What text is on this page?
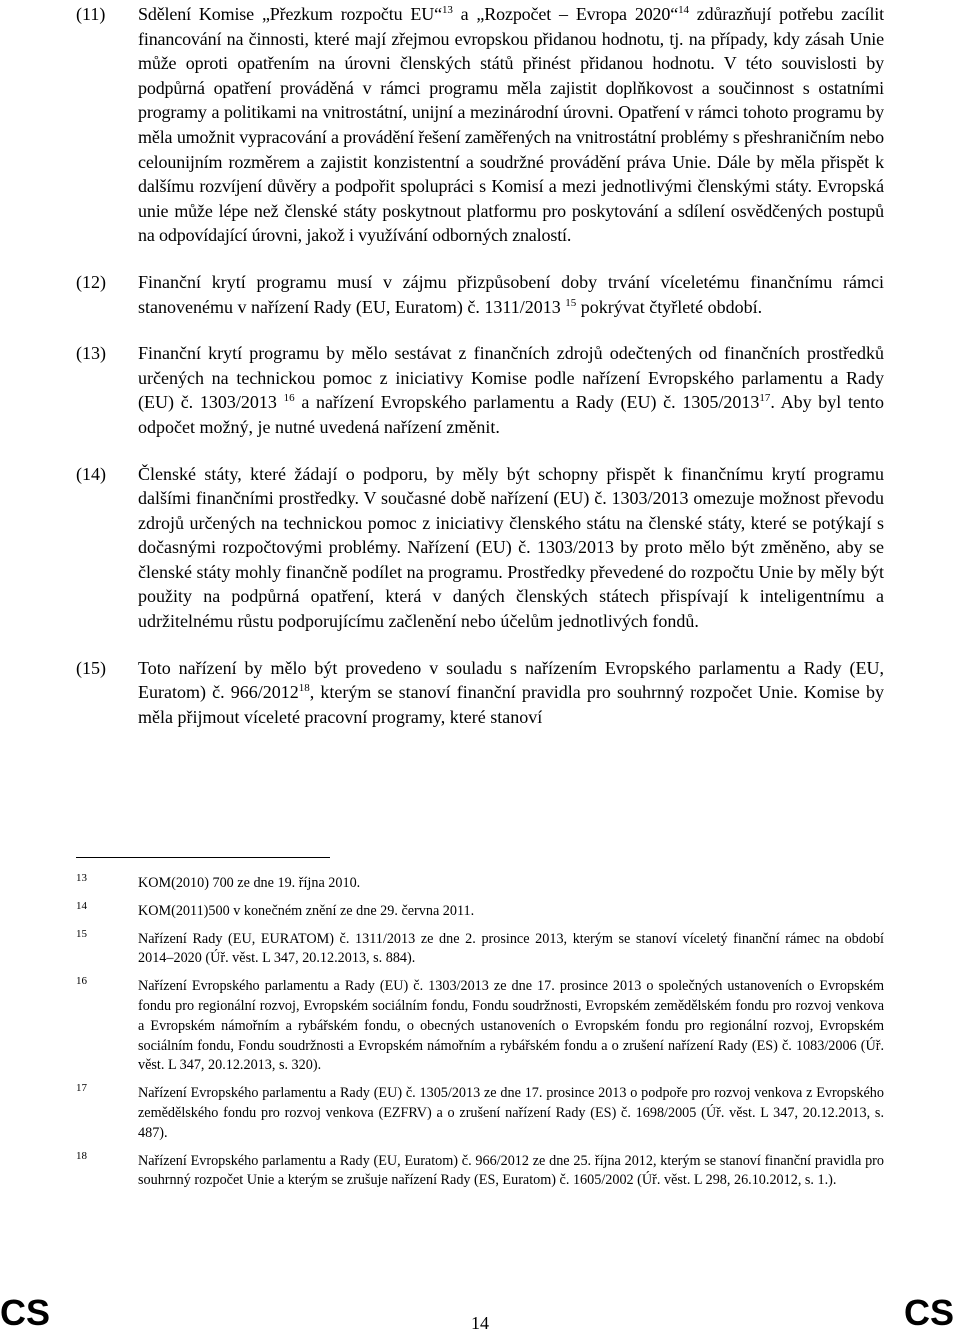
(11)	Sdělení Komise „Přezkum rozpočtu EU“$^{13}$ a „Rozpočet – Evropa 2020“$^{14}$ zdůrazňují potřebu zacílit financování na činnosti, které mají zřejmou evropskou přidanou hodnotu, tj. na případy, kdy zásah Unie může oproti opatřením na úrovni členských států přinést přidanou hodnotu. V této souvislosti by podpůrná opatření prováděná v rámci programu měla zajistit doplňkovost a součinnost s ostatními programy a politikami na vnitrostátní, unijní a mezinárodní úrovni. Opatření v rámci tohoto programu by měla umožnit vypracování a provádění řešení zaměřených na vnitrostátní problémy s přeshraničním nebo celounijním rozměrem a zajistit konzistentní a soudržné provádění práva Unie. Dále by měla přispět k dalšímu rozvíjení důvěry a podpořit spolupráci s Komisí a mezi jednotlivými členskými státy. Evropská unie může lépe než členské státy poskytnout platformu pro poskytování a sdílení osvědčených postupů na odpovídající úrovni, jakož i využívání odborných znalostí.
(12)	Finanční krytí programu musí v zájmu přizpůsobení doby trvání víceletému finančnímu rámci stanovenému v nařízení Rady (EU, Euratom) č. 1311/2013 $^{15}$ pokrývat čtyřleté období.
(13)	Finanční krytí programu by mělo sestávat z finančních zdrojů odečtených od finančních prostředků určených na technickou pomoc z iniciativy Komise podle nařízení Evropského parlamentu a Rady (EU) č. 1303/2013 $^{16}$ a nařízení Evropského parlamentu a Rady (EU) č. 1305/2013$^{17}$. Aby byl tento odpočet možný, je nutné uvedená nařízení změnit.
(14)	Členské státy, které žádají o podporu, by měly být schopny přispět k finančnímu krytí programu dalšími finančními prostředky. V současné době nařízení (EU) č. 1303/2013 omezuje možnost převodu zdrojů určených na technickou pomoc z iniciativy členského státu na členské státy, které se potýkají s dočasnými rozpočtovými problémy. Nařízení (EU) č. 1303/2013 by proto mělo být změněno, aby se členské státy mohly finančně podílet na programu. Prostředky převedené do rozpočtu Unie by měly být použity na podpůrná opatření, která v daných členských státech přispívají k inteligentnímu a udržitelnému růstu podporujícímu začlenění nebo účelům jednotlivých fondů.
(15)	Toto nařízení by mělo být provedeno v souladu s nařízením Evropského parlamentu a Rady (EU, Euratom) č. 966/2012$^{18}$, kterým se stanoví finanční pravidla pro souhrnný rozpočet Unie. Komise by měla přijmout víceleté pracovní programy, které stanoví
13	KOM(2010) 700 ze dne 19. října 2010.
14	KOM(2011)500 v konečném znění ze dne 29. června 2011.
15	Nařízení Rady (EU, EURATOM) č. 1311/2013 ze dne 2. prosince 2013, kterým se stanoví víceletý finanční rámec na období 2014–2020 (Úř. věst. L 347, 20.12.2013, s. 884).
16	Nařízení Evropského parlamentu a Rady (EU) č. 1303/2013 ze dne 17. prosince 2013 o společných ustanoveních o Evropském fondu pro regionální rozvoj, Evropském sociálním fondu, Fondu soudržnosti, Evropském zemědělském fondu pro rozvoj venkova a Evropském námořním a rybářském fondu, o obecných ustanoveních o Evropském fondu pro regionální rozvoj, Evropském sociálním fondu, Fondu soudržnosti a Evropském námořním a rybářském fondu a o zrušení nařízení Rady (ES) č. 1083/2006 (Úř. věst. L 347, 20.12.2013, s. 320).
17	Nařízení Evropského parlamentu a Rady (EU) č. 1305/2013 ze dne 17. prosince 2013 o podpoře pro rozvoj venkova z Evropského zemědělského fondu pro rozvoj venkova (EZFRV) a o zrušení nařízení Rady (ES) č. 1698/2005 (Úř. věst. L 347, 20.12.2013, s. 487).
18	Nařízení Evropského parlamentu a Rady (EU, Euratom) č. 966/2012 ze dne 25. října 2012, kterým se stanoví finanční pravidla pro souhrnný rozpočet Unie a kterým se zrušuje nařízení Rady (ES, Euratom) č. 1605/2002 (Úř. věst. L 298, 26.10.2012, s. 1.).
CS	14	CS
